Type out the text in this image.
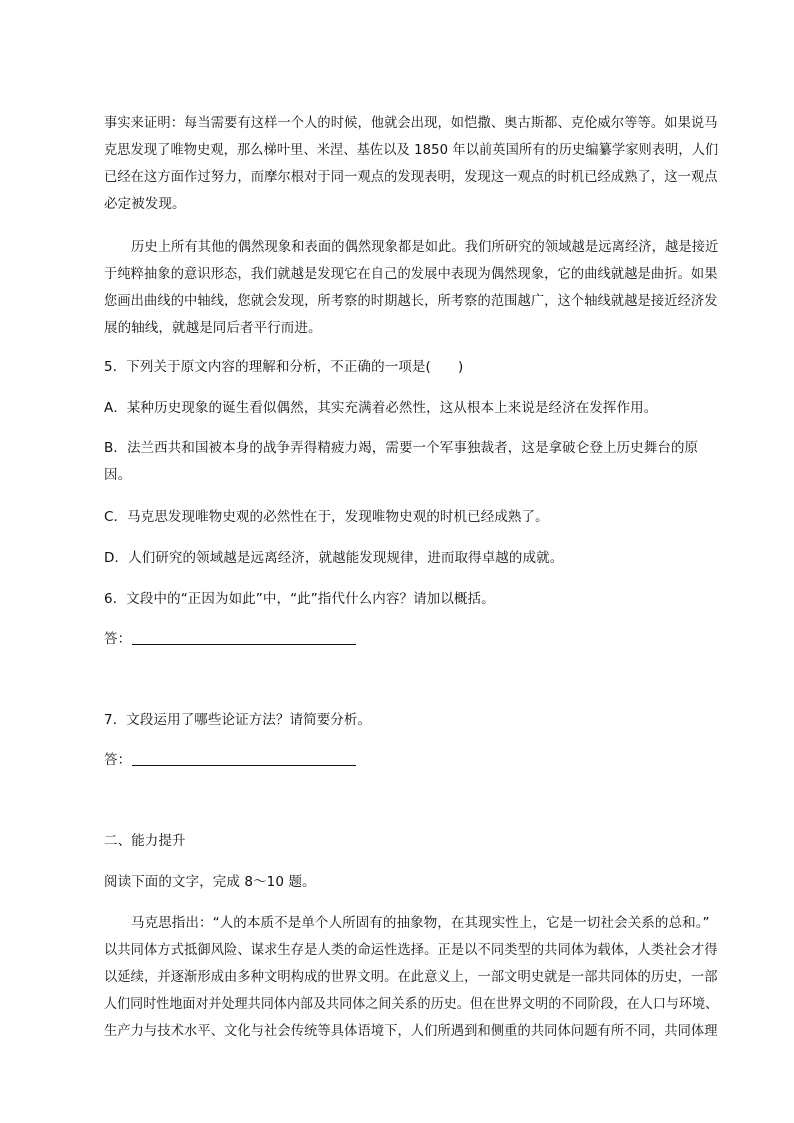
事实来证明：每当需要有这样一个人的时候，他就会出现，如恺撒、奥古斯都、克伦威尔等等。如果说马
克思发现了唯物史观，那么梯叶里、米涅、基佐以及 1850 年以前英国所有的历史编纂学家则表明，人们
已经在这方面作过努力，而摩尔根对于同一观点的发现表明，发现这一观点的时机已经成熟了，这一观点
必定被发现。
历史上所有其他的偶然现象和表面的偶然现象都是如此。我们所研究的领域越是远离经济，越是接近
于纯粹抽象的意识形态，我们就越是发现它在自己的发展中表现为偶然现象，它的曲线就越是曲折。如果
您画出曲线的中轴线，您就会发现，所考察的时期越长，所考察的范围越广，这个轴线就越是接近经济发
展的轴线，就越是同后者平行而进。
5．下列关于原文内容的理解和分析，不正确的一项是(　　)
A．某种历史现象的诞生看似偶然，其实充满着必然性，这从根本上来说是经济在发挥作用。
B．法兰西共和国被本身的战争弄得精疲力竭，需要一个军事独裁者，这是拿破仑登上历史舞台的原
因。
C．马克思发现唯物史观的必然性在于，发现唯物史观的时机已经成熟了。
D．人们研究的领域越是远离经济，就越能发现规律，进而取得卓越的成就。
6．文段中的“正因为如此”中，“此”指代什么内容？请加以概括。
答：
7．文段运用了哪些论证方法？请简要分析。
答：
二、能力提升
阅读下面的文字，完成 8～10 题。
马克思指出：“人的本质不是单个人所固有的抽象物，在其现实性上，它是一切社会关系的总和。”
以共同体方式抵御风险、谋求生存是人类的命运性选择。正是以不同类型的共同体为载体，人类社会才得
以延续，并逐渐形成由多种文明构成的世界文明。在此意义上，一部文明史就是一部共同体的历史，一部
人们同时性地面对并处理共同体内部及共同体之间关系的历史。但在世界文明的不同阶段，在人口与环境、
生产力与技术水平、文化与社会传统等具体语境下，人们所遇到和侧重的共同体问题有所不同，共同体理
